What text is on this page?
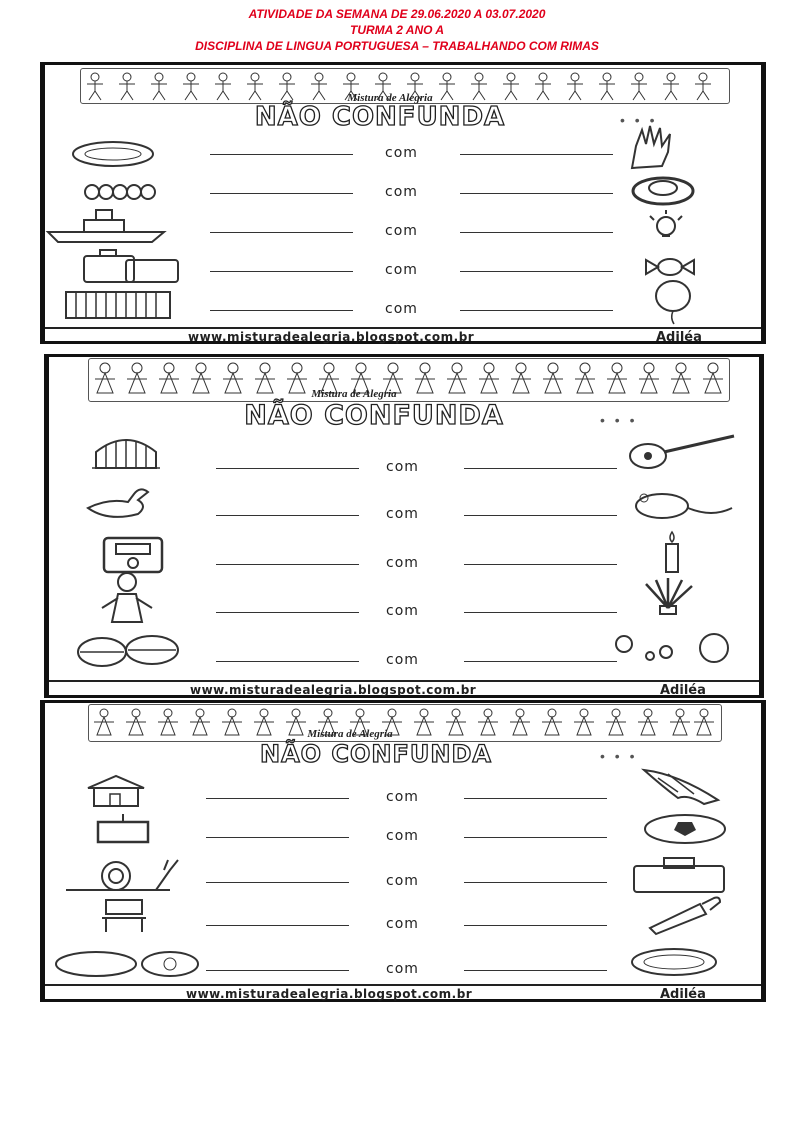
ATIVIDADE DA SEMANA DE 29.06.2020 A 03.07.2020
TURMA 2 ANO A
DISCIPLINA DE LINGUA PORTUGUESA – TRABALHANDO COM RIMAS
Mistura de Alegria
NÃO CONFUNDA	• • •
com
com
com
com
com
www.misturadealegria.blogspot.com.br	Adiléa
Mistura de Alegria
NÃO CONFUNDA	• • •
com
com
com
com
com
www.misturadealegria.blogspot.com.br	Adiléa
Mistura de Alegria
NÃO CONFUNDA	• • •
com
com
com
com
com
www.misturadealegria.blogspot.com.br	Adiléa
